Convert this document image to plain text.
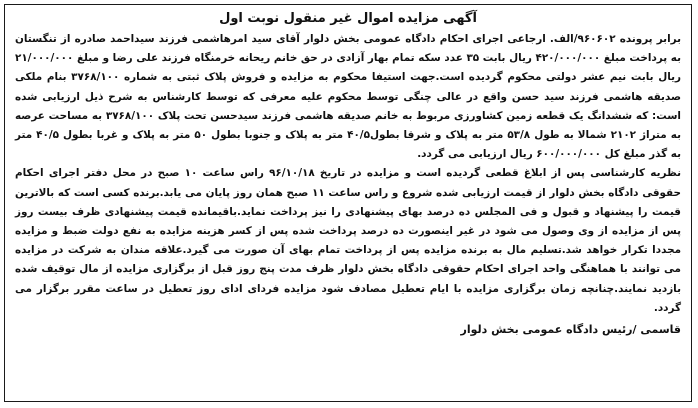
آگهی مزایده اموال غیر منقول نوبت اول

برابر پرونده ۹۶۰۶۰۲/الف. ارجاعی اجرای احکام دادگاه عمومی بخش دلوار آقای سید امرهاشمی فرزند سیداحمد صادره از تنگستان به پرداخت مبلغ ۴۲۰/۰۰۰/۰۰۰ ریال بابت ۳۵ عدد سکه تمام بهار آزادی در حق خانم ریحانه خرمنگاه فرزند علی رضا و مبلغ ۲۱/۰۰۰/۰۰۰ ریال بابت نیم عشر دولتی محکوم گردیده است.جهت استیفا محکوم به مزایده و فروش پلاک ثبتی به شماره ۳۷۶۸/۱۰۰ بنام ملکی صدیقه هاشمی فرزند سید حسن واقع در عالی چنگی توسط محکوم علیه معرفی که توسط کارشناس به شرح ذیل ارزیابی شده است: که ششدانگ یک قطعه زمین کشاورزی مربوط به خانم صدیقه هاشمی فرزند سیدحسن تحت پلاک ۳۷۶۸/۱۰۰ به مساحت عرصه به متراژ ۲۱۰۲ شمالا به طول ۵۳/۸ متر به پلاک و شرقا بطول۴۰/۵ متر به پلاک و جنوبا بطول ۵۰ متر به پلاک و غربا بطول ۴۰/۵ متر به گذر مبلغ کل ۶۰۰/۰۰۰/۰۰۰ ریال ارزیابی می گردد.

نظریه کارشناسی پس از ابلاغ قطعی گردیده است و مزایده در تاریخ ۹۶/۱۰/۱۸ راس ساعت ۱۰ صبح در محل دفتر اجرای احکام حقوقی دادگاه بخش دلوار از قیمت ارزیابی شده شروع و راس ساعت ۱۱ صبح همان روز پایان می یابد.برنده کسی است که بالاترین قیمت را پیشنهاد و قبول و فی المجلس ده درصد بهای پیشنهادی را نیز پرداخت نماید.باقیمانده قیمت پیشنهادی ظرف بیست روز پس از مزایده از وی وصول می شود در غیر اینصورت ده درصد پرداخت شده پس از کسر هزینه مزایده به نفع دولت ضبط و مزایده مجددا تکرار خواهد شد.تسلیم مال به برنده مزایده پس از پرداخت تمام بهای آن صورت می گیرد.علاقه مندان به شرکت در مزایده می توانند با هماهنگی واحد اجرای احکام حقوقی دادگاه بخش دلوار ظرف مدت پنج روز قبل از برگزاری مزایده از مال توقیف شده بازدید نمایند.چنانچه زمان برگزاری مزایده با ایام تعطیل مصادف شود مزایده فردای ادای روز تعطیل در ساعت مقرر برگزار می گردد.

قاسمی /رئیس دادگاه عمومی بخش دلوار
